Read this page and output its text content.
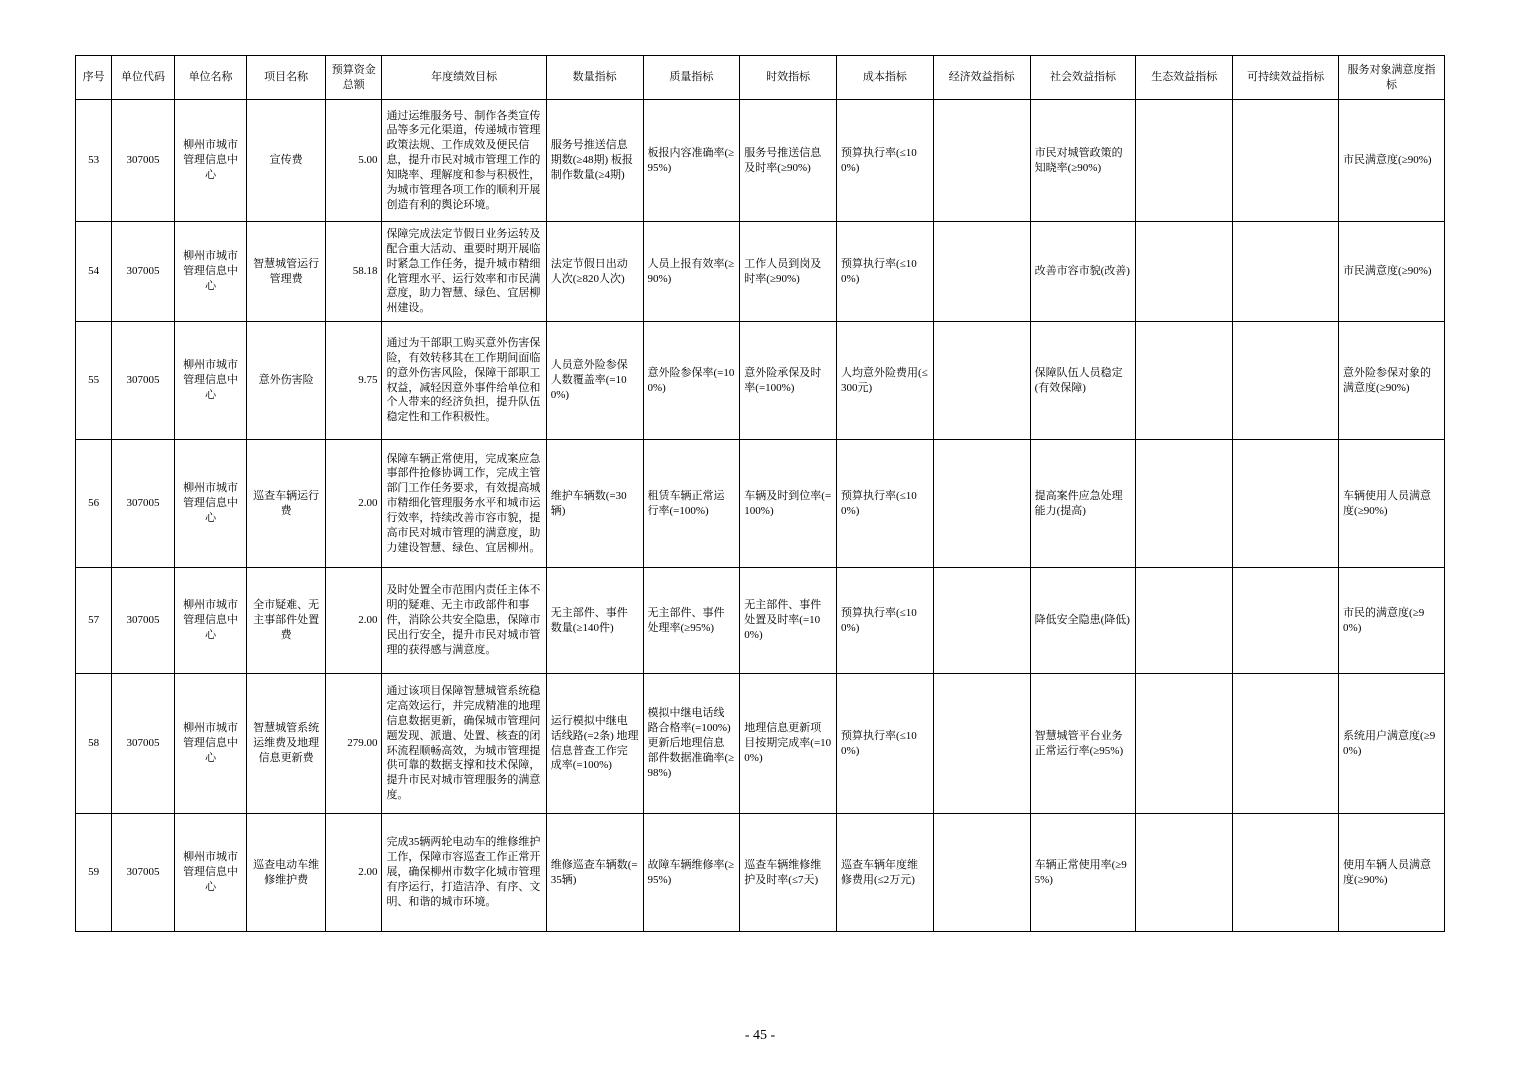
序号	单位代码	单位名称	项目名称	预算资金总额	年度绩效目标	数量指标	质量指标	时效指标	成本指标	经济效益指标	社会效益指标	生态效益指标	可持续效益指标	服务对象满意度指标
53	307005	柳州市城市管理信息中心	宣传费	5.00	通过运维服务号、制作各类宣传品等多元化渠道，传递城市管理政策法规、工作成效及便民信息，提升市民对城市管理工作的知晓率、理解度和参与积极性，为城市管理各项工作的顺利开展创造有利的舆论环境。	服务号推送信息期数(≥48期) 板报制作数量(≥4期)	板报内容准确率(≥95%)	服务号推送信息及时率(≥90%)	预算执行率(≤100%)		市民对城管政策的知晓率(≥90%)			市民满意度(≥90%)
54	307005	柳州市城市管理信息中心	智慧城管运行管理费	58.18	保障完成法定节假日业务运转及配合重大活动、重要时期开展临时紧急工作任务，提升城市精细化管理水平、运行效率和市民满意度，助力智慧、绿色、宜居柳州建设。	法定节假日出动人次(≥820人次)	人员上报有效率(≥90%)	工作人员到岗及时率(≥90%)	预算执行率(≤100%)		改善市容市貌(改善)			市民满意度(≥90%)
55	307005	柳州市城市管理信息中心	意外伤害险	9.75	通过为干部职工购买意外伤害保险，有效转移其在工作期间面临的意外伤害风险，保障干部职工权益，减轻因意外事件给单位和个人带来的经济负担，提升队伍稳定性和工作积极性。	人员意外险参保人数覆盖率(=100%)	意外险参保率(=100%)	意外险承保及时率(=100%)	人均意外险费用(≤300元)		保障队伍人员稳定(有效保障)			意外险参保对象的满意度(≥90%)
56	307005	柳州市城市管理信息中心	巡查车辆运行费	2.00	保障车辆正常使用，完成案应急事部件抢修协调工作，完成主管部门工作任务要求，有效提高城市精细化管理服务水平和城市运行效率，持续改善市容市貌，提高市民对城市管理的满意度，助力建设智慧、绿色、宜居柳州。	维护车辆数(=30辆)	租赁车辆正常运行率(=100%)	车辆及时到位率(=100%)	预算执行率(≤100%)		提高案件应急处理能力(提高)			车辆使用人员满意度(≥90%)
57	307005	柳州市城市管理信息中心	全市疑难、无主事部件处置费	2.00	及时处置全市范围内责任主体不明的疑难、无主市政部件和事件，消除公共安全隐患，保障市民出行安全，提升市民对城市管理的获得感与满意度。	无主部件、事件数量(≥140件)	无主部件、事件处理率(≥95%)	无主部件、事件处置及时率(=100%)	预算执行率(≤100%)		降低安全隐患(降低)			市民的满意度(≥90%)
58	307005	柳州市城市管理信息中心	智慧城管系统运维费及地理信息更新费	279.00	通过该项目保障智慧城管系统稳定高效运行，并完成精准的地理信息数据更新，确保城市管理问题发现、派遣、处置、核查的闭环流程顺畅高效，为城市管理提供可靠的数据支撑和技术保障，提升市民对城市管理服务的满意度。	运行模拟中继电话线路(=2条) 地理信息普查工作完成率(=100%)	模拟中继电话线路合格率(=100%) 更新后地理信息部件数据准确率(≥98%)	地理信息更新项目按期完成率(=100%)	预算执行率(≤100%)		智慧城管平台业务正常运行率(≥95%)			系统用户满意度(≥90%)
59	307005	柳州市城市管理信息中心	巡查电动车维修维护费	2.00	完成35辆两轮电动车的维修维护工作，保障市容巡查工作正常开展，确保柳州市数字化城市管理有序运行，打造洁净、有序、文明、和谐的城市环境。	维修巡查车辆数(=35辆)	故障车辆维修率(≥95%)	巡查车辆维修维护及时率(≤7天)	巡查车辆年度维修费用(≤2万元)		车辆正常使用率(≥95%)			使用车辆人员满意度(≥90%)
- 45 -
